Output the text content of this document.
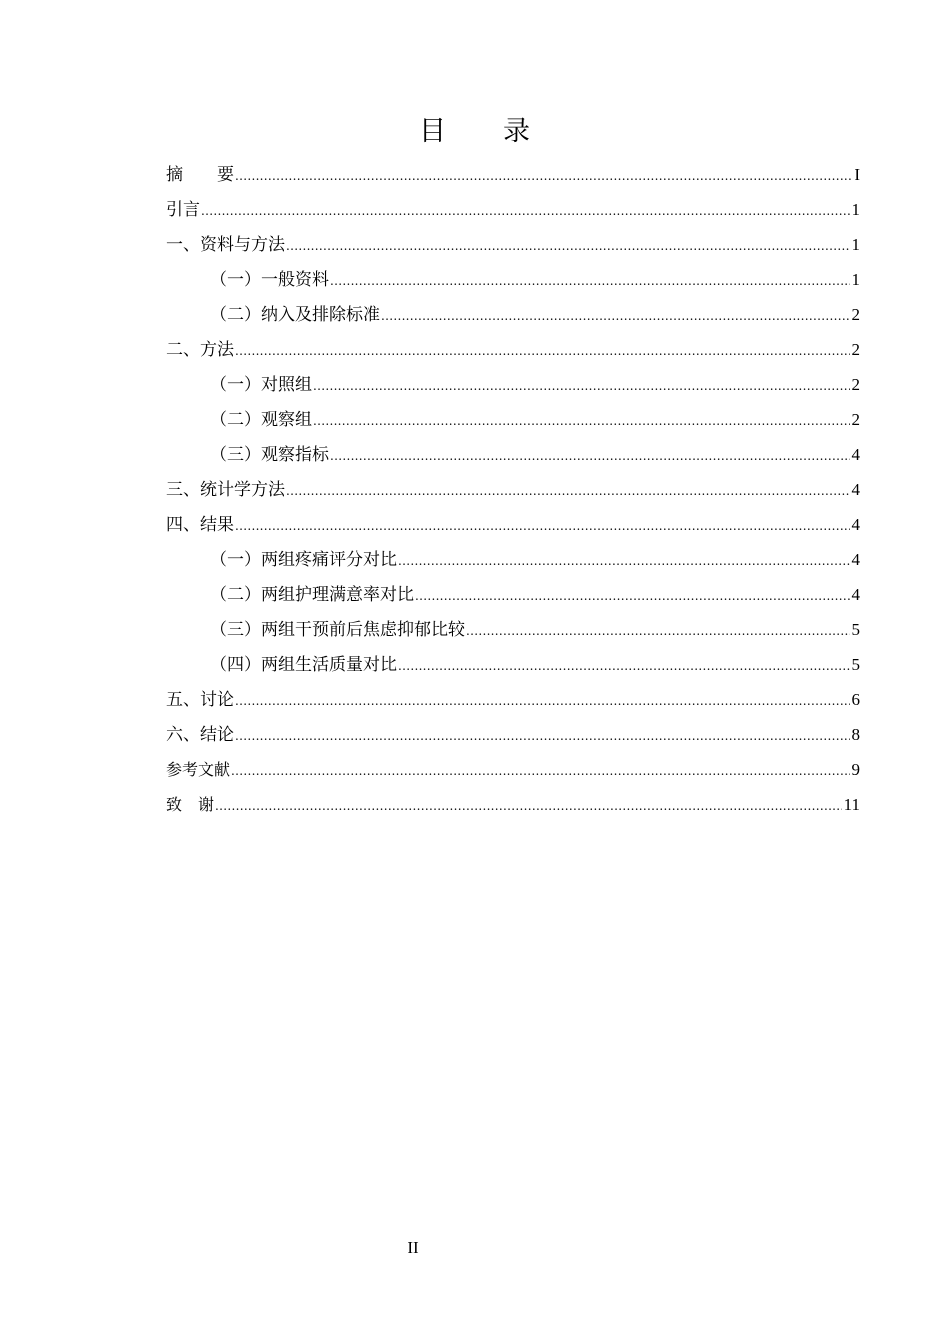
目　　录
摘　　要 .....	I
引言 .....	1
一、资料与方法 .....	1
（一）一般资料 .....	1
（二）纳入及排除标准 .....	2
二、方法 .....	2
（一）对照组 .....	2
（二）观察组 .....	2
（三）观察指标 .....	4
三、统计学方法 .....	4
四、结果 .....	4
（一）两组疼痛评分对比 .....	4
（二）两组护理满意率对比 .....	4
（三）两组干预前后焦虑抑郁比较 .....	5
（四）两组生活质量对比 .....	5
五、讨论 .....	6
六、结论 .....	8
参考文献 .....	9
致　谢 .....	11
II
